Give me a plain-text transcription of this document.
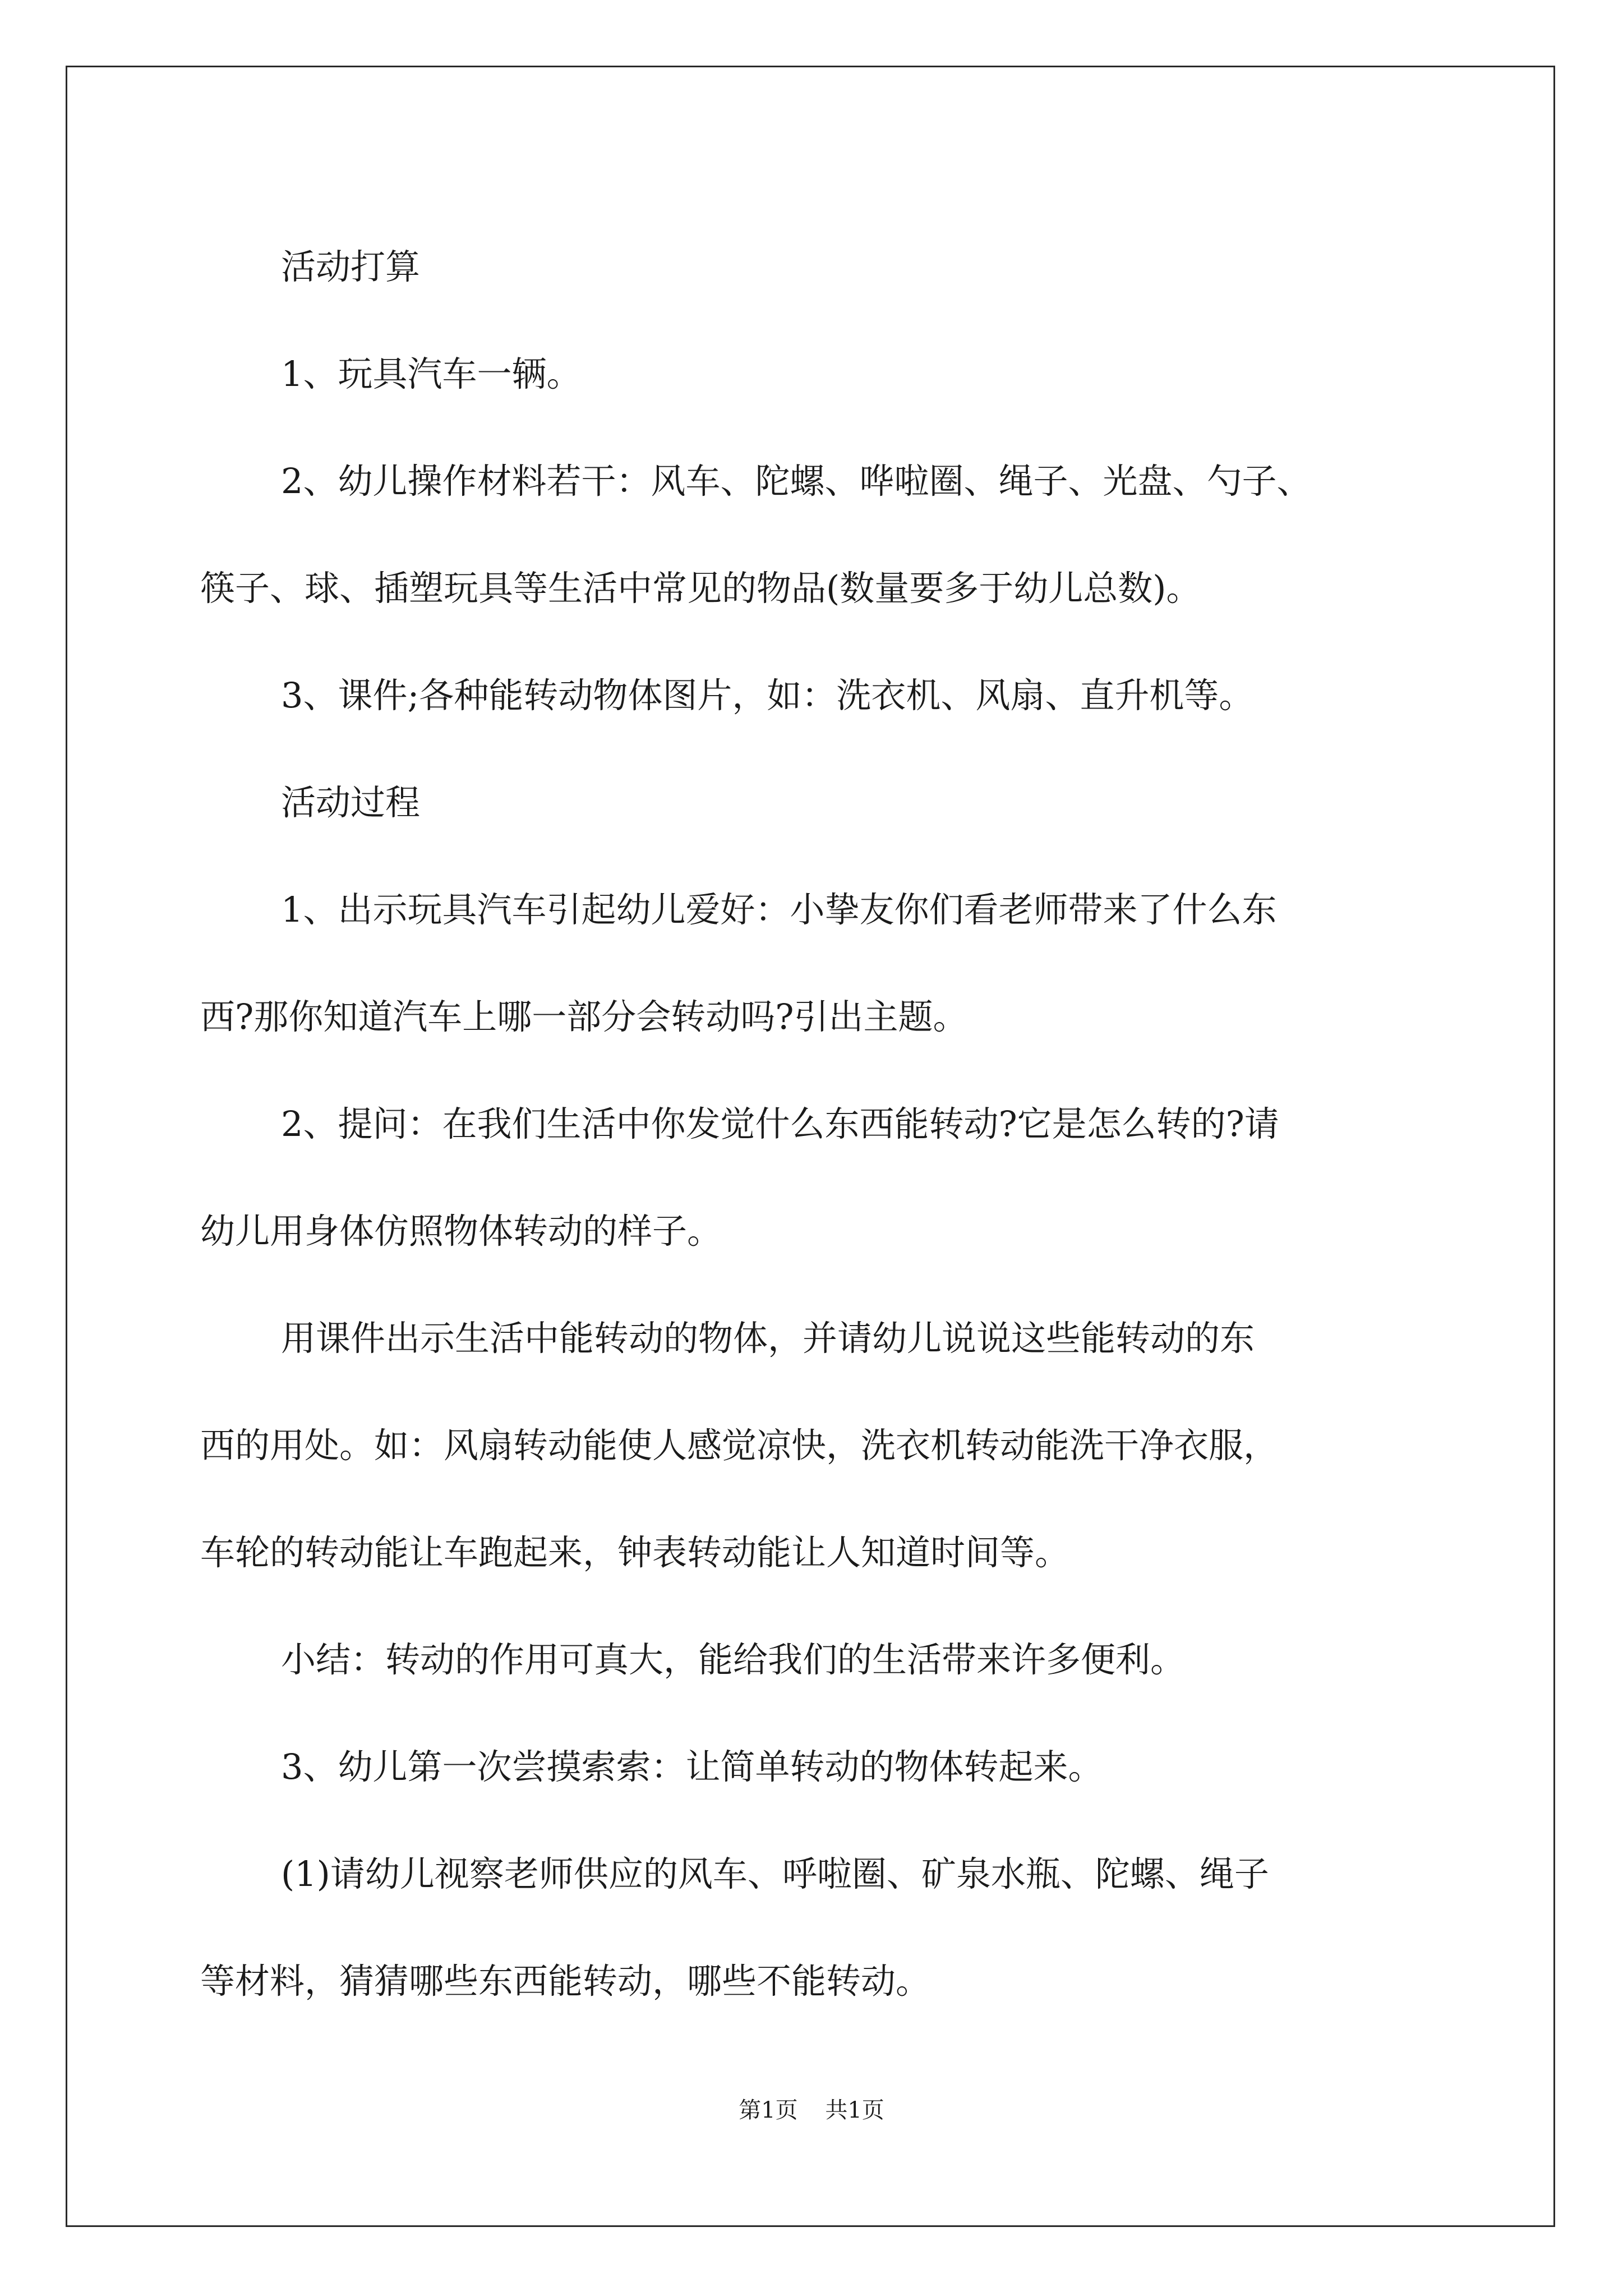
活动打算

1、玩具汽车一辆。

2、幼儿操作材料若干：风车、陀螺、哗啦圈、绳子、光盘、勺子、

筷子、球、插塑玩具等生活中常见的物品(数量要多于幼儿总数)。

3、课件;各种能转动物体图片，如：洗衣机、风扇、直升机等。

活动过程

1、出示玩具汽车引起幼儿爱好：小挚友你们看老师带来了什么东

西?那你知道汽车上哪一部分会转动吗?引出主题。

2、提问：在我们生活中你发觉什么东西能转动?它是怎么转的?请

幼儿用身体仿照物体转动的样子。

用课件出示生活中能转动的物体，并请幼儿说说这些能转动的东

西的用处。如：风扇转动能使人感觉凉快，洗衣机转动能洗干净衣服，

车轮的转动能让车跑起来，钟表转动能让人知道时间等。

小结：转动的作用可真大，能给我们的生活带来许多便利。

3、幼儿第一次尝摸索索：让简单转动的物体转起来。

(1)请幼儿视察老师供应的风车、呼啦圈、矿泉水瓶、陀螺、绳子

等材料，猜猜哪些东西能转动，哪些不能转动。

第1页 共1页
